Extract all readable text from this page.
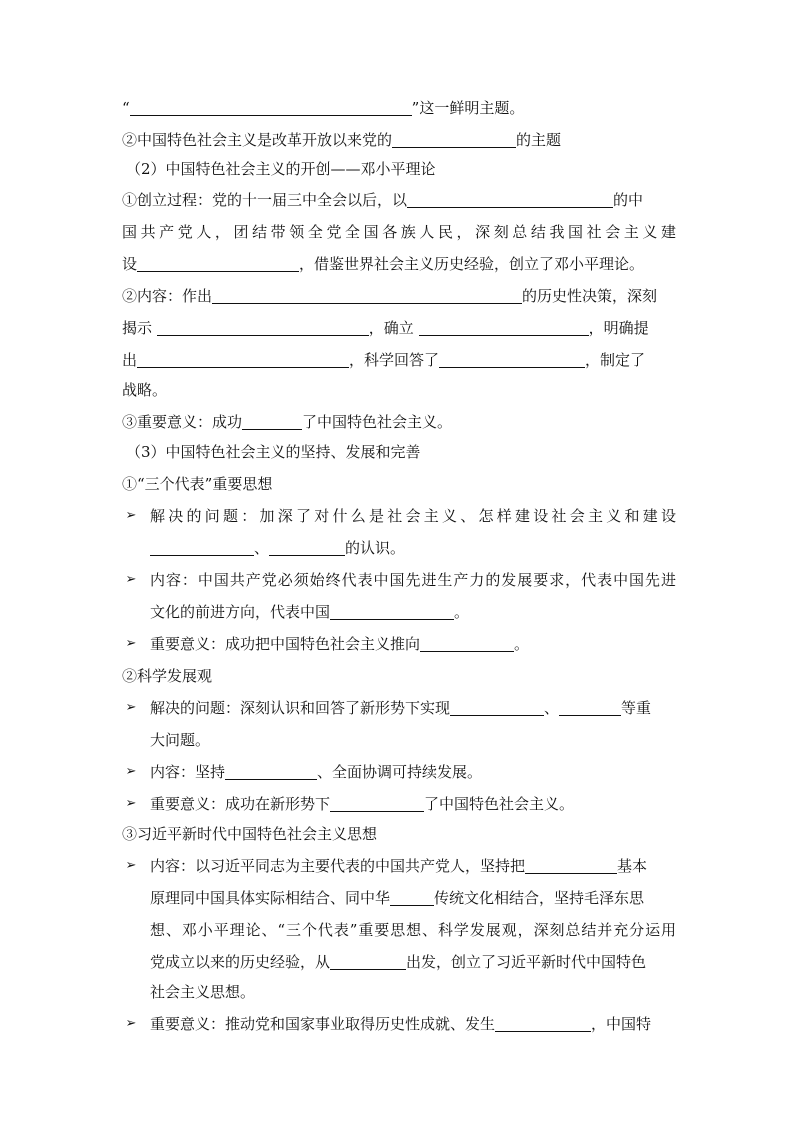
“	”这一鲜明主题。
②中国特色社会主义是改革开放以来党的	的主题
（2）中国特色社会主义的开创——邓小平理论
①创立过程：党的十一届三中全会以后，以	的中
国共产党人，团结带领全党全国各族人民，深刻总结我国社会主义建
设	，借鉴世界社会主义历史经验，创立了邓小平理论。
②内容：作出	的历史性决策，深刻
揭示	，确立	，明确提
出	，科学回答了	，制定了
战略。
③重要意义：成功	了中国特色社会主义。
（3）中国特色社会主义的坚持、发展和完善
①“三个代表”重要思想
➢ 解决的问题：加深了对什么是社会主义、怎样建设社会主义和建设
、	的认识。
➢ 内容：中国共产党必须始终代表中国先进生产力的发展要求，代表中国先进
文化的前进方向，代表中国	。
➢ 重要意义：成功把中国特色社会主义推向	。
②科学发展观
➢ 解决的问题：深刻认识和回答了新形势下实现	、	等重
大问题。
➢ 内容：坚持	、全面协调可持续发展。
➢ 重要意义：成功在新形势下	了中国特色社会主义。
③习近平新时代中国特色社会主义思想
➢ 内容：以习近平同志为主要代表的中国共产党人，坚持把	基本
原理同中国具体实际相结合、同中华	传统文化相结合，坚持毛泽东思
想、邓小平理论、“三个代表”重要思想、科学发展观，深刻总结并充分运用
党成立以来的历史经验，从	出发，创立了习近平新时代中国特色
社会主义思想。
➢ 重要意义：推动党和国家事业取得历史性成就、发生	，中国特
